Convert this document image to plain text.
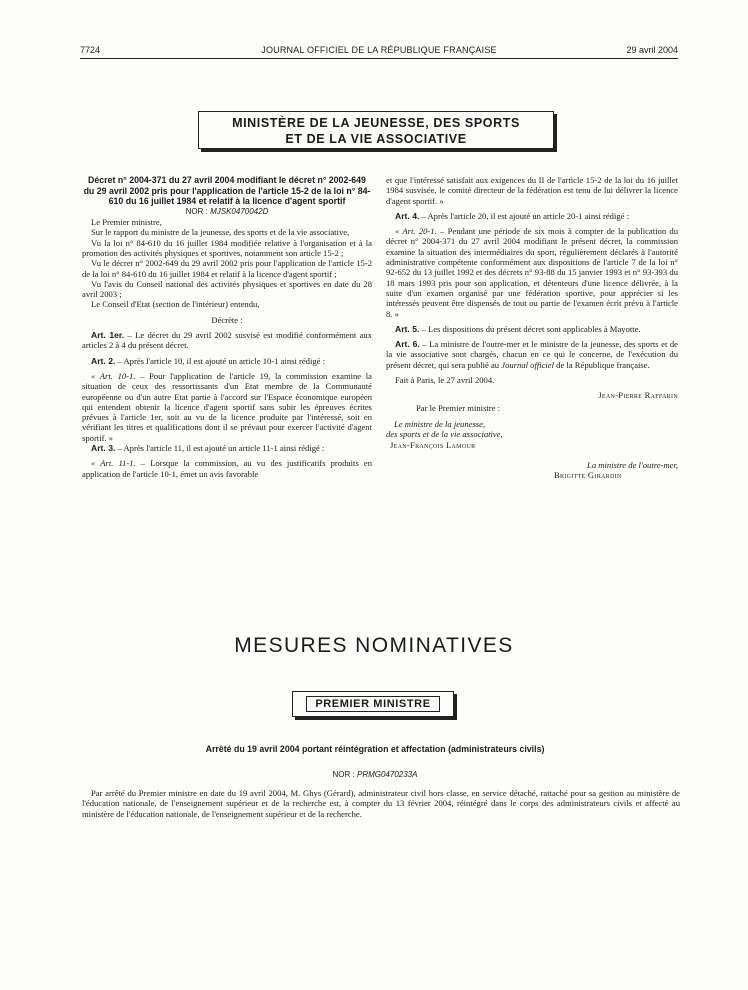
7724	JOURNAL OFFICIEL DE LA RÉPUBLIQUE FRANÇAISE	29 avril 2004
MINISTÈRE DE LA JEUNESSE, DES SPORTS
ET DE LA VIE ASSOCIATIVE

Décret n° 2004-371 du 27 avril 2004 modifiant le décret n° 2002-649 du 29 avril 2002 pris pour l'application de l'article 15-2 de la loi n° 84-610 du 16 juillet 1984 et relatif à la licence d'agent sportif

NOR : MJSK0470042D

Le Premier ministre,

Sur le rapport du ministre de la jeunesse, des sports et de la vie associative,

Vu la loi n° 84-610 du 16 juillet 1984 modifiée relative à l'organisation et à la promotion des activités physiques et sportives, notamment son article 15-2 ;

Vu le décret n° 2002-649 du 29 avril 2002 pris pour l'application de l'article 15-2 de la loi n° 84-610 du 16 juillet 1984 et relatif à la licence d'agent sportif ;

Vu l'avis du Conseil national des activités physiques et sportives en date du 28 avril 2003 ;

Le Conseil d'Etat (section de l'intérieur) entendu,

Décrète :

Art. 1er. – Le décret du 29 avril 2002 susvisé est modifié conformément aux articles 2 à 4 du présent décret.

Art. 2. – Après l'article 10, il est ajouté un article 10-1 ainsi rédigé :

« Art. 10-1. – Pour l'application de l'article 19, la commission examine la situation de ceux des ressortissants d'un Etat membre de la Communauté européenne ou d'un autre Etat partie à l'accord sur l'Espace économique européen qui entendent obtenir la licence d'agent sportif sans subir les épreuves écrites prévues à l'article 1er, soit au vu de la licence produite par l'intéressé, soit en vérifiant les titres et qualifications dont il se prévaut pour exercer l'activité d'agent sportif. »

Art. 3. – Après l'article 11, il est ajouté un article 11-1 ainsi rédigé :

« Art. 11-1. – Lorsque la commission, au vu des justificatifs produits en application de l'article 10-1, émet un avis favorable

et que l'intéressé satisfait aux exigences du II de l'article 15-2 de la loi du 16 juillet 1984 susvisée, le comité directeur de la fédération est tenu de lui délivrer la licence d'agent sportif. »

Art. 4. – Après l'article 20, il est ajouté un article 20-1 ainsi rédigé :

« Art. 20-1. – Pendant une période de six mois à compter de la publication du décret n° 2004-371 du 27 avril 2004 modifiant le présent décret, la commission examine la situation des intermédiaires du sport, régulièrement déclarés à l'autorité administrative compétente conformément aux dispositions de l'article 7 de la loi n° 92-652 du 13 juillet 1992 et des décrets n° 93-88 du 15 janvier 1993 et n° 93-393 du 18 mars 1993 pris pour son application, et détenteurs d'une licence délivrée, à la suite d'un examen organisé par une fédération sportive, pour apprécier si les intéressés peuvent être dispensés de tout ou partie de l'examen écrit prévu à l'article 8. »

Art. 5. – Les dispositions du présent décret sont applicables à Mayotte.

Art. 6. – La ministre de l'outre-mer et le ministre de la jeunesse, des sports et de la vie associative sont chargés, chacun en ce qui le concerne, de l'exécution du présent décret, qui sera publié au Journal officiel de la République française.

Fait à Paris, le 27 avril 2004.

Jean-Pierre Raffarin

Par le Premier ministre :

Le ministre de la jeunesse,

des sports et de la vie associative,

Jean-François Lamour

La ministre de l'outre-mer,

Brigitte Girardin

MESURES NOMINATIVES
PREMIER MINISTRE
Arrêté du 19 avril 2004 portant réintégration et affectation (administrateurs civils)
NOR : PRMG0470233A
Par arrêté du Premier ministre en date du 19 avril 2004, M. Ghys (Gérard), administrateur civil hors classe, en service détaché, rattaché pour sa gestion au ministère de l'éducation nationale, de l'enseignement supérieur et de la recherche est, à compter du 13 février 2004, réintégré dans le corps des administrateurs civils et affecté au ministère de l'éducation nationale, de l'enseignement supérieur et de la recherche.
